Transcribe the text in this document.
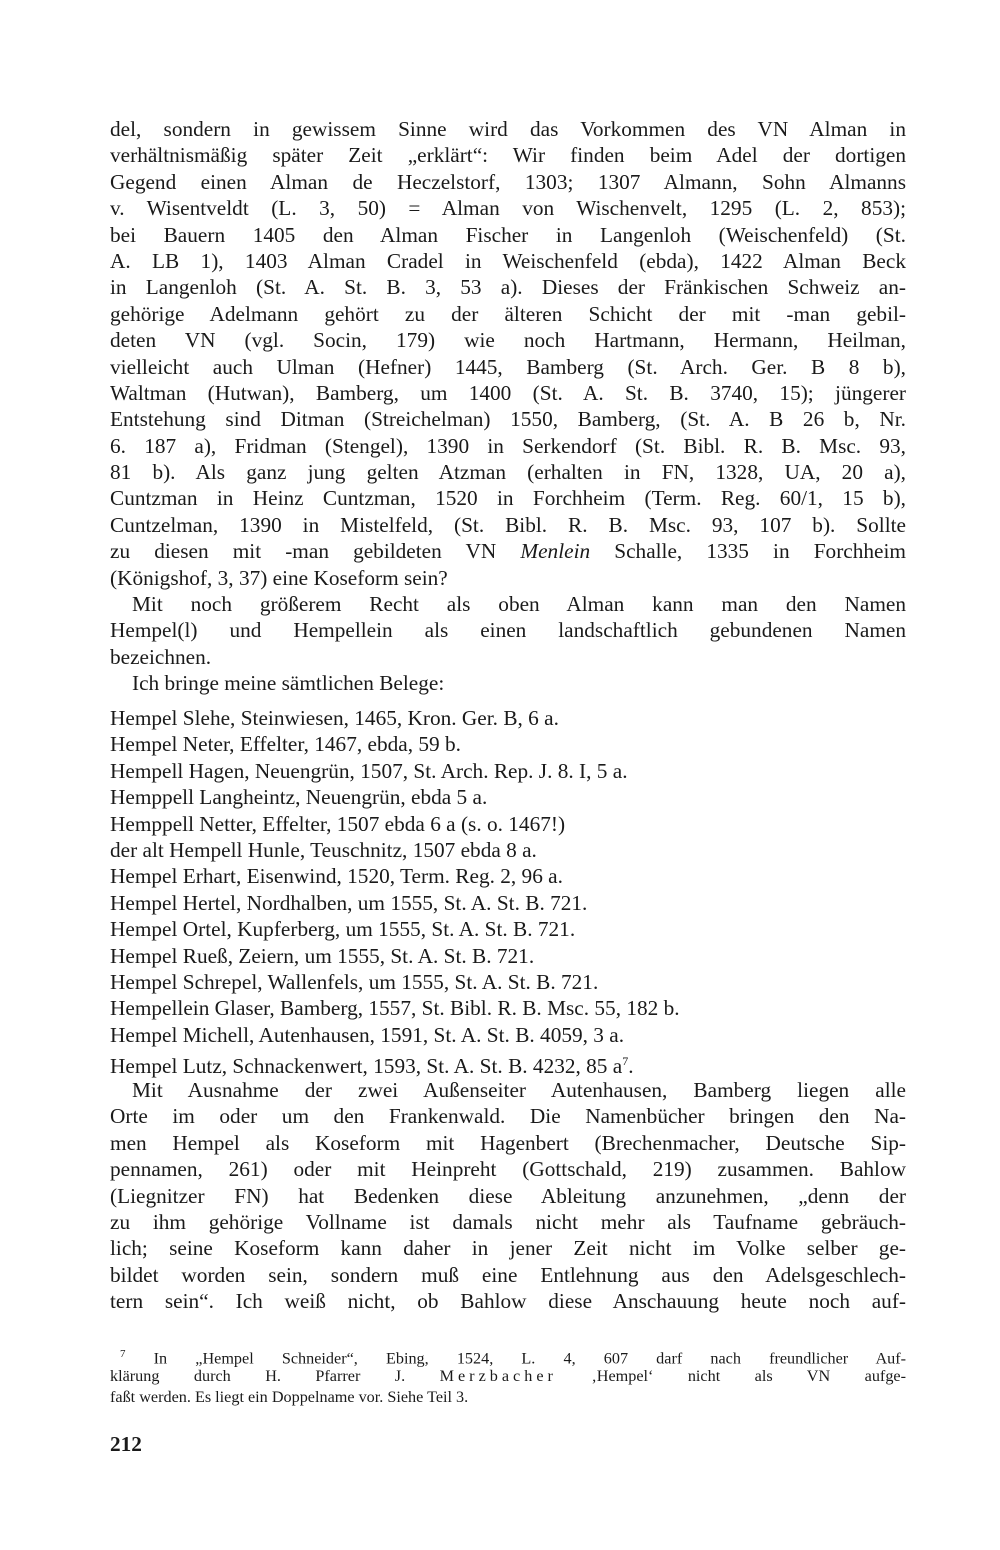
del, sondern in gewissem Sinne wird das Vorkommen des VN Alman in
verhältnismäßig später Zeit „erklärt“: Wir finden beim Adel der dortigen
Gegend einen Alman de Heczelstorf, 1303; 1307 Almann, Sohn Almanns
v. Wisentveldt (L. 3, 50) = Alman von Wischenvelt, 1295 (L. 2, 853);
bei Bauern 1405 den Alman Fischer in Langenloh (Weischenfeld) (St.
A. LB 1), 1403 Alman Cradel in Weischenfeld (ebda), 1422 Alman Beck
in Langenloh (St. A. St. B. 3, 53 a). Dieses der Fränkischen Schweiz an-
gehörige Adelmann gehört zu der älteren Schicht der mit -man gebil-
deten VN (vgl. Socin, 179) wie noch Hartmann, Hermann, Heilman,
vielleicht auch Ulman (Hefner) 1445, Bamberg (St. Arch. Ger. B 8 b),
Waltman (Hutwan), Bamberg, um 1400 (St. A. St. B. 3740, 15); jüngerer
Entstehung sind Ditman (Streichelman) 1550, Bamberg, (St. A. B 26 b, Nr.
6. 187 a), Fridman (Stengel), 1390 in Serkendorf (St. Bibl. R. B. Msc. 93,
81 b). Als ganz jung gelten Atzman (erhalten in FN, 1328, UA, 20 a),
Cuntzman in Heinz Cuntzman, 1520 in Forchheim (Term. Reg. 60/1, 15 b),
Cuntzelman, 1390 in Mistelfeld, (St. Bibl. R. B. Msc. 93, 107 b). Sollte
zu diesen mit -man gebildeten VN Menlein Schalle, 1335 in Forchheim
(Königshof, 3, 37) eine Koseform sein?
Mit noch größerem Recht als oben Alman kann man den Namen
Hempel(l) und Hempellein als einen landschaftlich gebundenen Namen
bezeichnen.
Ich bringe meine sämtlichen Belege:
Hempel Slehe, Steinwiesen, 1465, Kron. Ger. B, 6 a.
Hempel Neter, Effelter, 1467, ebda, 59 b.
Hempell Hagen, Neuengrün, 1507, St. Arch. Rep. J. 8. I, 5 a.
Hemppell Langheintz, Neuengrün, ebda 5 a.
Hemppell Netter, Effelter, 1507 ebda 6 a (s. o. 1467!)
der alt Hempell Hunle, Teuschnitz, 1507 ebda 8 a.
Hempel Erhart, Eisenwind, 1520, Term. Reg. 2, 96 a.
Hempel Hertel, Nordhalben, um 1555, St. A. St. B. 721.
Hempel Ortel, Kupferberg, um 1555, St. A. St. B. 721.
Hempel Rueß, Zeiern, um 1555, St. A. St. B. 721.
Hempel Schrepel, Wallenfels, um 1555, St. A. St. B. 721.
Hempellein Glaser, Bamberg, 1557, St. Bibl. R. B. Msc. 55, 182 b.
Hempel Michell, Autenhausen, 1591, St. A. St. B. 4059, 3 a.
Hempel Lutz, Schnackenwert, 1593, St. A. St. B. 4232, 85 $a^7$.
Mit Ausnahme der zwei Außenseiter Autenhausen, Bamberg liegen alle
Orte im oder um den Frankenwald. Die Namenbücher bringen den Na-
men Hempel als Koseform mit Hagenbert (Brechenmacher, Deutsche Sip-
pennamen, 261) oder mit Heinpreht (Gottschald, 219) zusammen. Bahlow
(Liegnitzer FN) hat Bedenken diese Ableitung anzunehmen, „denn der
zu ihm gehörige Vollname ist damals nicht mehr als Taufname gebräuch-
lich; seine Koseform kann daher in jener Zeit nicht im Volke selber ge-
bildet worden sein, sondern muß eine Entlehnung aus den Adelsgeschlech-
tern sein“. Ich weiß nicht, ob Bahlow diese Anschauung heute noch auf-
$^7$ In „Hempel Schneider“, Ebing, 1524, L. 4, 607 darf nach freundlicher Auf-
klärung durch H. Pfarrer J. Merzbacher ‚Hempel‘ nicht als VN aufge-
faßt werden. Es liegt ein Doppelname vor. Siehe Teil 3.
212
